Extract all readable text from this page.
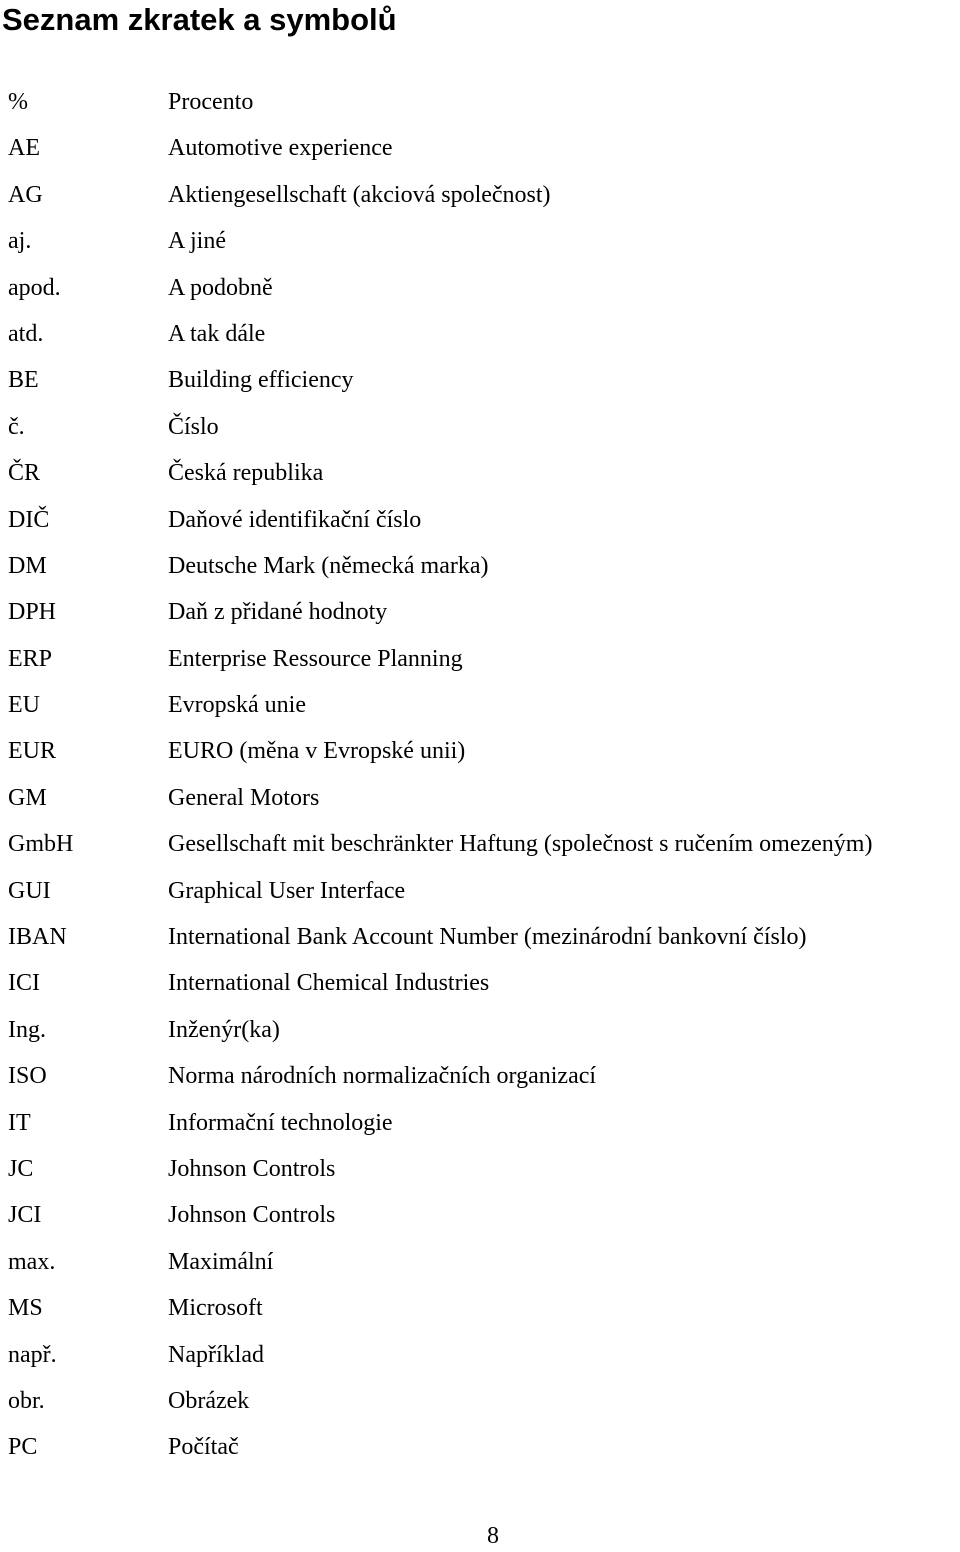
Seznam zkratek a symbolů
%	Procento
AE	Automotive experience
AG	Aktiengesellschaft (akciová společnost)
aj.	A jiné
apod.	A podobně
atd.	A tak dále
BE	Building efficiency
č.	Číslo
ČR	Česká republika
DIČ	Daňové identifikační číslo
DM	Deutsche Mark (německá marka)
DPH	Daň z přidané hodnoty
ERP	Enterprise Ressource Planning
EU	Evropská unie
EUR	EURO (měna v Evropské unii)
GM	General Motors
GmbH	Gesellschaft mit beschränkter Haftung (společnost s ručením omezeným)
GUI	Graphical User Interface
IBAN	International Bank Account Number (mezinárodní bankovní číslo)
ICI	International Chemical Industries
Ing.	Inženýr(ka)
ISO	Norma národních normalizačních organizací
IT	Informační technologie
JC	Johnson Controls
JCI	Johnson Controls
max.	Maximální
MS	Microsoft
např.	Například
obr.	Obrázek
PC	Počítač
8
